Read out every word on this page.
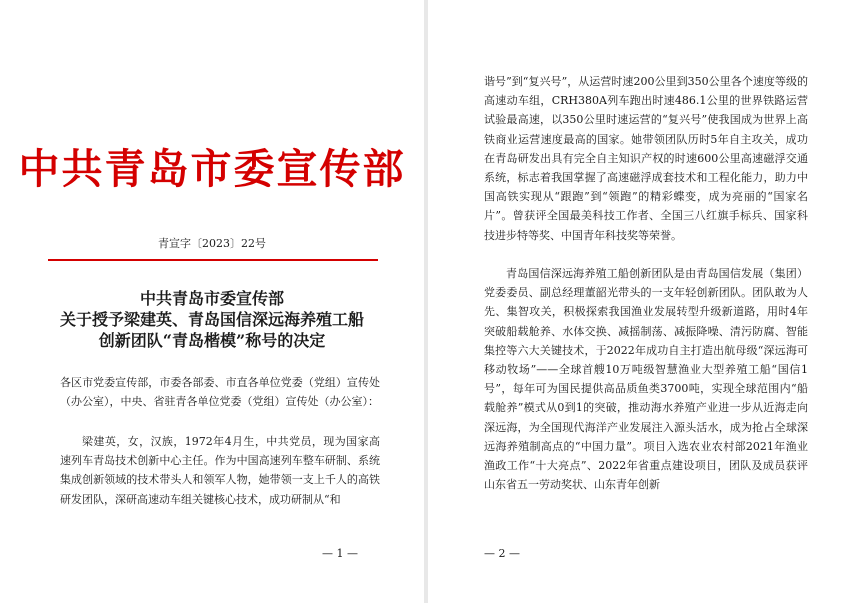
中共青岛市委宣传部
青宣字〔2023〕22号
中共青岛市委宣传部
关于授予梁建英、青岛国信深远海养殖工船
创新团队“青岛楷模”称号的决定
各区市党委宣传部，市委各部委、市直各单位党委（党组）宣传处（办公室），中央、省驻青各单位党委（党组）宣传处（办公室）：
梁建英，女，汉族，1972年4月生，中共党员，现为国家高速列车青岛技术创新中心主任。作为中国高速列车整车研制、系统集成创新领域的技术带头人和领军人物，她带领一支上千人的高铁研发团队，深研高速动车组关键核心技术，成功研制从“和
— 1 —
谐号”到“复兴号”，从运营时速200公里到350公里各个速度等级的高速动车组，CRH380A列车跑出时速486.1公里的世界铁路运营试验最高速，以350公里时速运营的“复兴号”使我国成为世界上高铁商业运营速度最高的国家。她带领团队历时5年自主攻关，成功在青岛研发出具有完全自主知识产权的时速600公里高速磁浮交通系统，标志着我国掌握了高速磁浮成套技术和工程化能力，助力中国高铁实现从“跟跑”到“领跑”的精彩蝶变，成为亮丽的“国家名片”。曾获评全国最美科技工作者、全国三八红旗手标兵、国家科技进步特等奖、中国青年科技奖等荣誉。
青岛国信深远海养殖工船创新团队是由青岛国信发展（集团）党委委员、副总经理董韶光带头的一支年轻创新团队。团队敢为人先、集智攻关，积极探索我国渔业发展转型升级新道路，用时4年突破船载舱养、水体交换、减摇制荡、减振降噪、清污防腐、智能集控等六大关键技术，于2022年成功自主打造出航母级“深远海可移动牧场”——全球首艘10万吨级智慧渔业大型养殖工船“国信1号”，每年可为国民提供高品质鱼类3700吨，实现全球范围内“船载舱养”模式从0到1的突破，推动海水养殖产业进一步从近海走向深远海，为全国现代海洋产业发展注入源头活水，成为抢占全球深远海养殖制高点的“中国力量”。项目入选农业农村部2021年渔业渔政工作“十大亮点”、2022年省重点建设项目，团队及成员获评山东省五一劳动奖状、山东青年创新
— 2 —
